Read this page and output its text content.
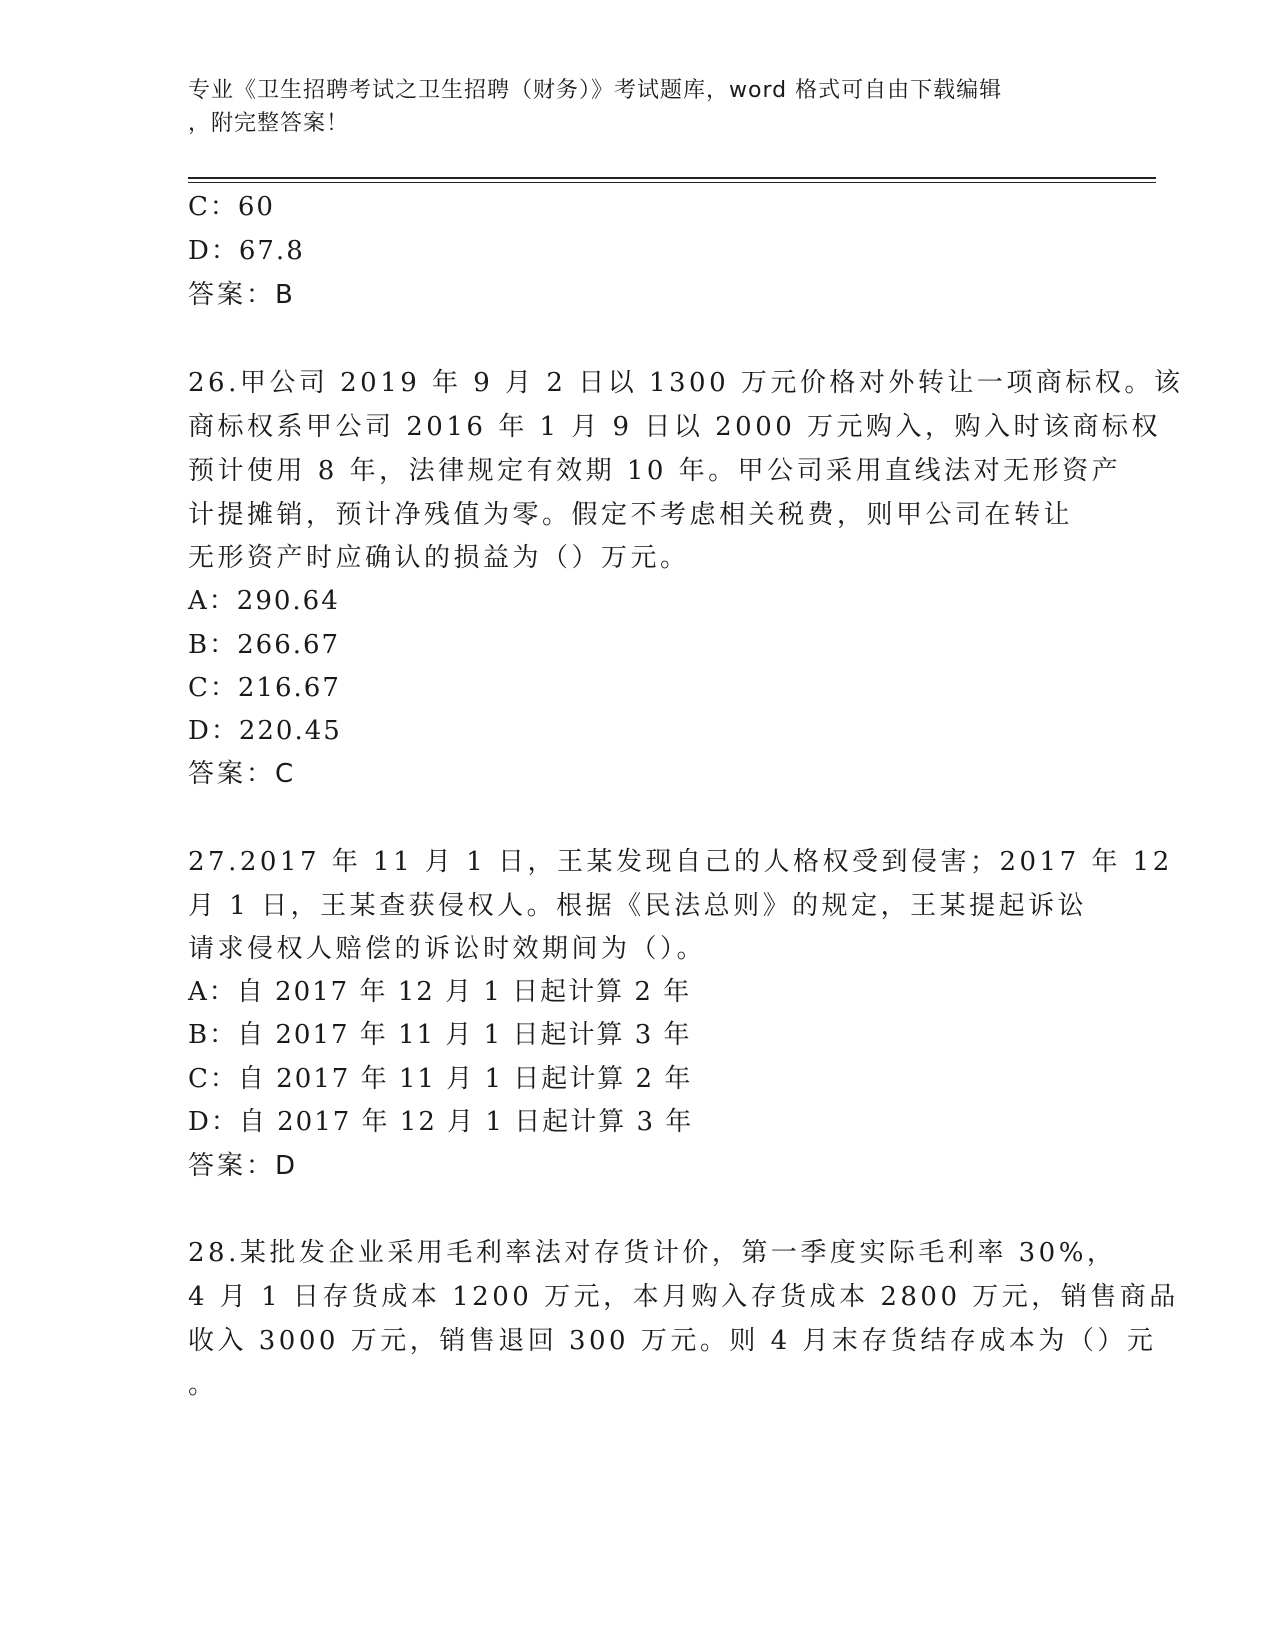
专业《卫生招聘考试之卫生招聘（财务）》考试题库，word 格式可自由下载编辑
，附完整答案！
C：60
D：67.8
答案：B
26.甲公司 2019 年 9 月 2 日以 1300 万元价格对外转让一项商标权。该
商标权系甲公司 2016 年 1 月 9 日以 2000 万元购入，购入时该商标权
预计使用 8 年，法律规定有效期 10 年。甲公司采用直线法对无形资产
计提摊销，预计净残值为零。假定不考虑相关税费，则甲公司在转让
无形资产时应确认的损益为（）万元。
A：290.64
B：266.67
C：216.67
D：220.45
答案：C
27.2017 年 11 月 1 日，王某发现自己的人格权受到侵害；2017 年 12
月 1 日，王某查获侵权人。根据《民法总则》的规定，王某提起诉讼
请求侵权人赔偿的诉讼时效期间为（）。
A：自 2017 年 12 月 1 日起计算 2 年
B：自 2017 年 11 月 1 日起计算 3 年
C：自 2017 年 11 月 1 日起计算 2 年
D：自 2017 年 12 月 1 日起计算 3 年
答案：D
28.某批发企业采用毛利率法对存货计价，第一季度实际毛利率 30%，
4 月 1 日存货成本 1200 万元，本月购入存货成本 2800 万元，销售商品
收入 3000 万元，销售退回 300 万元。则 4 月末存货结存成本为（）元
。
